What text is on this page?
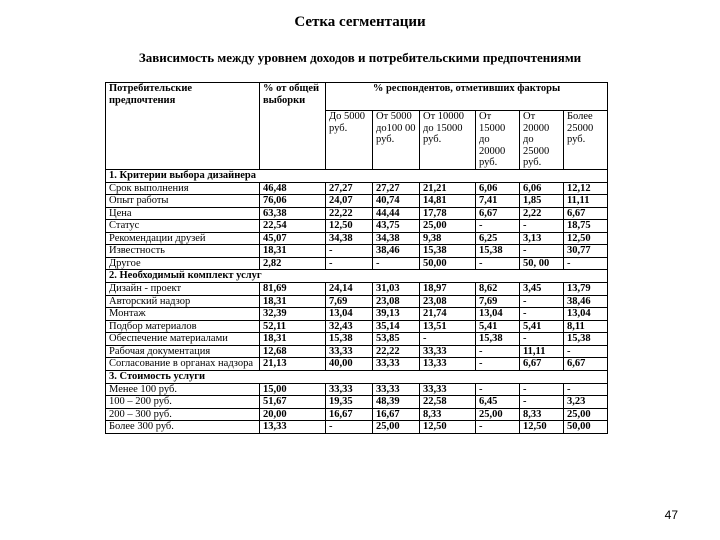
Сетка сегментации
Зависимость между уровнем доходов и потребительскими предпочтениями
Потребительские предпочтения	% от общей выборки	% респондентов, отметивших факторы					
		До 5000 руб.	От 5000 до100 00 руб.	От 10000 до 15000 руб.	От 15000 до 20000 руб.	От 20000 до 25000 руб.	Более 25000 руб.
1. Критерии выбора дизайнера							
Срок выполнения	46,48	27,27	27,27	21,21	6,06	6,06	12,12
Опыт работы	76,06	24,07	40,74	14,81	7,41	1,85	11,11
Цена	63,38	22,22	44,44	17,78	6,67	2,22	6,67
Статус	22,54	12,50	43,75	25,00	-	-	18,75
Рекомендации друзей	45,07	34,38	34,38	9,38	6,25	3,13	12,50
Известность	18,31	-	38,46	15,38	15,38	-	30,77
Другое	2,82	-	-	50,00	-	50, 00	-
2. Необходимый комплект услуг							
Дизайн - проект	81,69	24,14	31,03	18,97	8,62	3,45	13,79
Авторский надзор	18,31	7,69	23,08	23,08	7,69	-	38,46
Монтаж	32,39	13,04	39,13	21,74	13,04	-	13,04
Подбор материалов	52,11	32,43	35,14	13,51	5,41	5,41	8,11
Обеспечение материалами	18,31	15,38	53,85	-	15,38	-	15,38
Рабочая документация	12,68	33,33	22,22	33,33	-	11,11	-
Согласование в органах надзора	21,13	40,00	33,33	13,33	-	6,67	6,67
3. Стоимость услуги							
Менее 100 руб.	15,00	33,33	33,33	33,33	-	-	-
100 – 200 руб.	51,67	19,35	48,39	22,58	6,45	-	3,23
200 – 300 руб.	20,00	16,67	16,67	8,33	25,00	8,33	25,00
Более 300 руб.	13,33	-	25,00	12,50	-	12,50	50,00
47
